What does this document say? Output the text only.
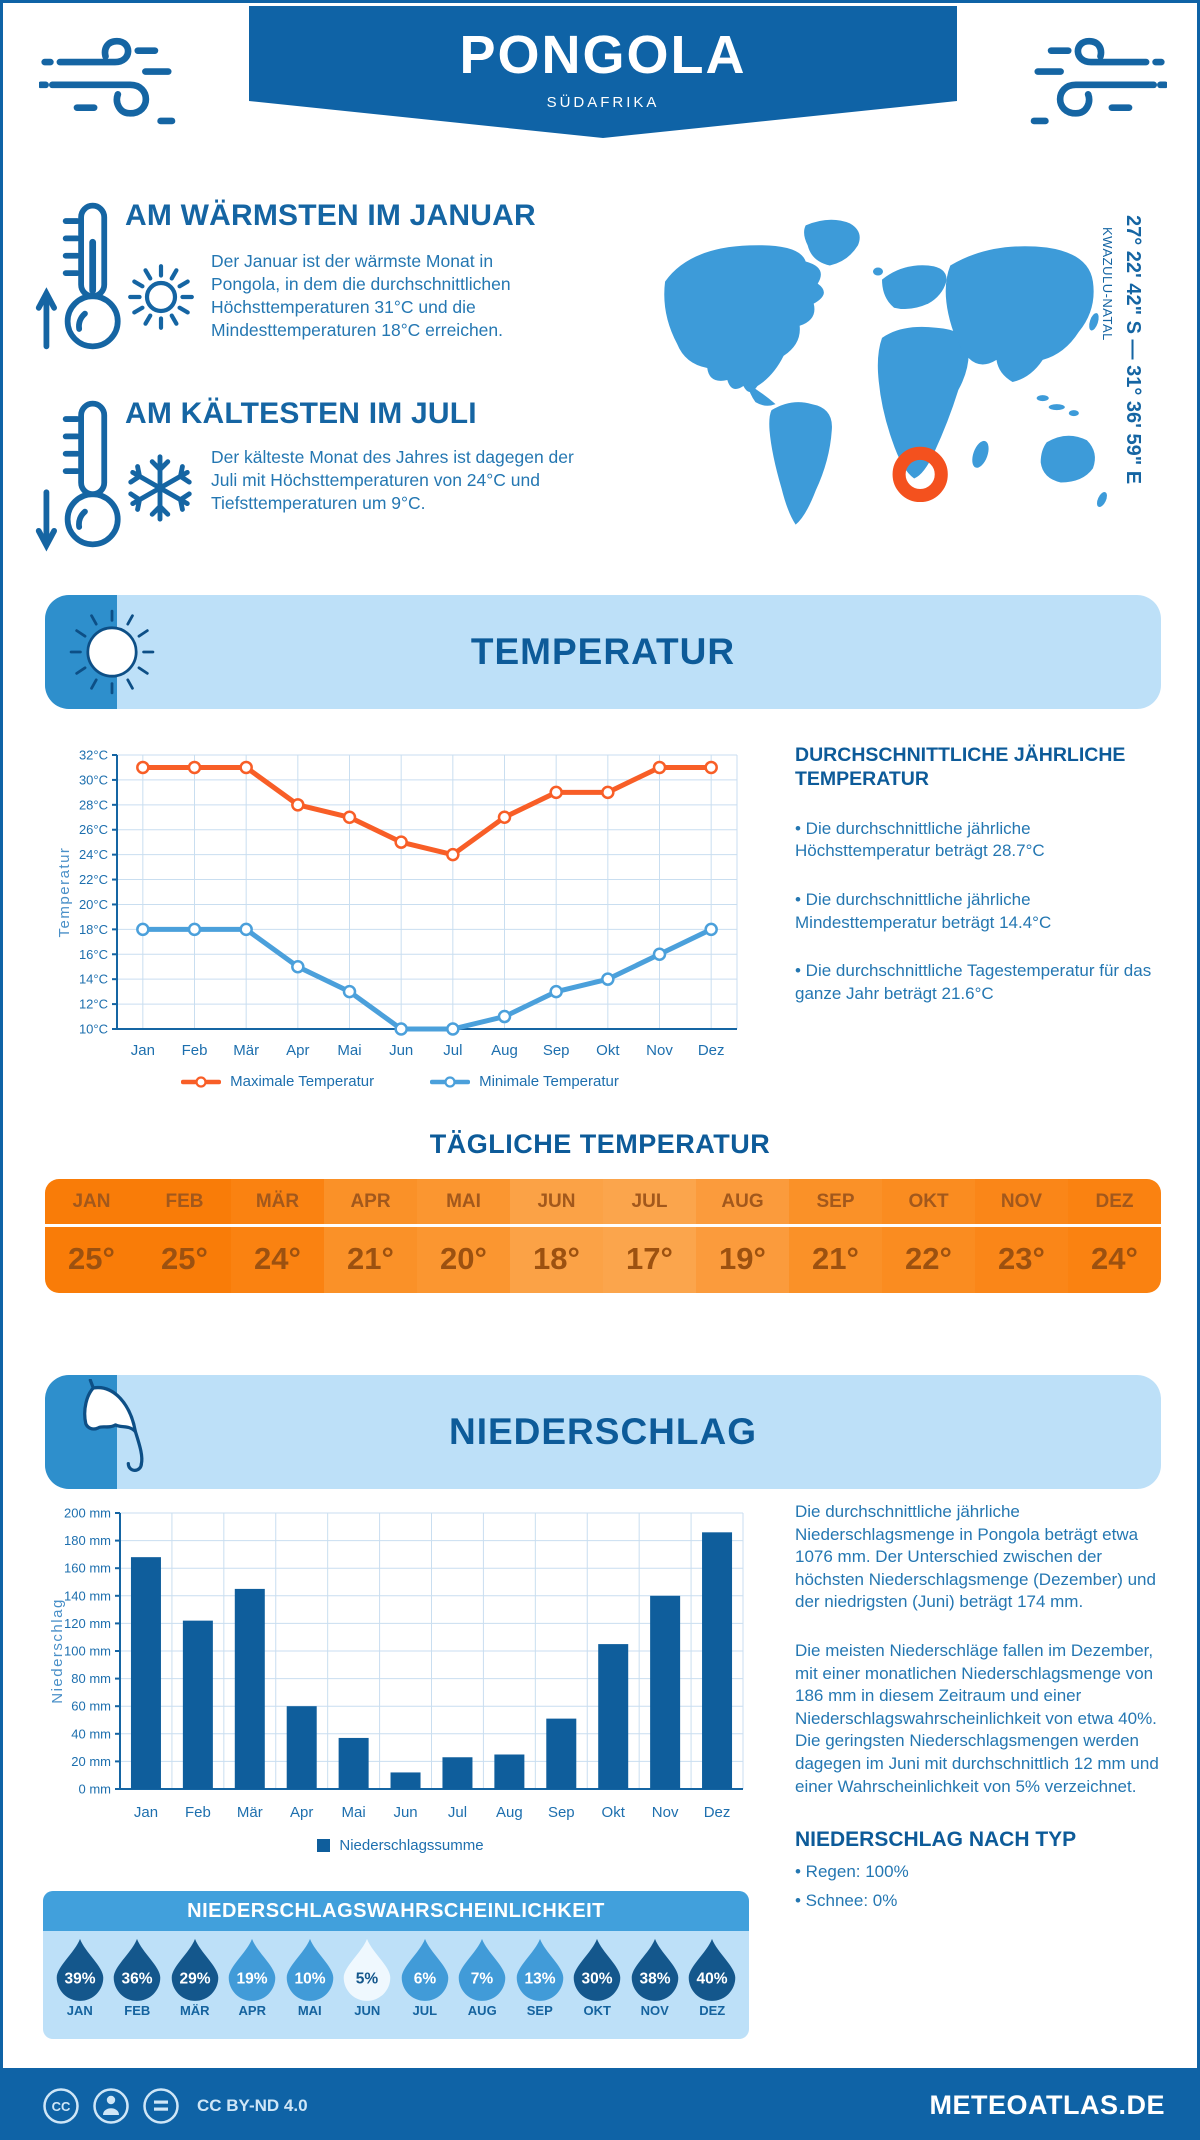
PONGOLA
SÜDAFRIKA
AM WÄRMSTEN IM JANUAR
Der Januar ist der wärmste Monat in Pongola, in dem die durchschnittlichen Höchsttemperaturen 31°C und die Mindesttemperaturen 18°C erreichen.
AM KÄLTESTEN IM JULI
Der kälteste Monat des Jahres ist dagegen der Juli mit Höchsttemperaturen von 24°C und Tiefsttemperaturen um 9°C.
27° 22' 42" S — 31° 36' 59" E
KWAZULU-NATAL
TEMPERATUR
10°C
12°C
14°C
16°C
18°C
20°C
22°C
24°C
26°C
28°C
30°C
32°C
Jan Feb Mär Apr Mai Jun Jul Aug Sep Okt Nov Dez
Temperatur
Maximale Temperatur	Minimale Temperatur

DURCHSCHNITTLICHE JÄHRLICHE TEMPERATUR

• Die durchschnittliche jährliche Höchsttemperatur beträgt 28.7°C

• Die durchschnittliche jährliche Mindesttemperatur beträgt 14.4°C

• Die durchschnittliche Tagestemperatur für das ganze Jahr beträgt 21.6°C

TÄGLICHE TEMPERATUR
JAN
25°
FEB
25°
MÄR
24°
APR
21°
MAI
20°
JUN
18°
JUL
17°
AUG
19°
SEP
21°
OKT
22°
NOV
23°
DEZ
24°
NIEDERSCHLAG
0 mm
20 mm
40 mm
60 mm
80 mm
100 mm
120 mm
140 mm
160 mm
180 mm
200 mm
Jan Feb Mär Apr Mai Jun Jul Aug Sep Okt Nov Dez
Niederschlag
Niederschlagssumme

Die durchschnittliche jährliche Niederschlagsmenge in Pongola beträgt etwa 1076 mm. Der Unterschied zwischen der höchsten Niederschlagsmenge (Dezember) und der niedrigsten (Juni) beträgt 174 mm.

Die meisten Niederschläge fallen im Dezember, mit einer monatlichen Niederschlagsmenge von 186 mm in diesem Zeitraum und einer Niederschlagswahrscheinlichkeit von etwa 40%. Die geringsten Niederschlagsmengen werden dagegen im Juni mit durchschnittlich 12 mm und einer Wahrscheinlichkeit von 5% verzeichnet.

NIEDERSCHLAG NACH TYP

• Regen: 100%

• Schnee: 0%

NIEDERSCHLAGSWAHRSCHEINLICHKEIT
39%
JAN
36%
FEB
29%
MÄR
19%
APR
10%
MAI
5%
JUN
6%
JUL
7%
AUG
13%
SEP
30%
OKT
38%
NOV
40%
DEZ
CC	CC BY-ND 4.0	METEOATLAS.DE
